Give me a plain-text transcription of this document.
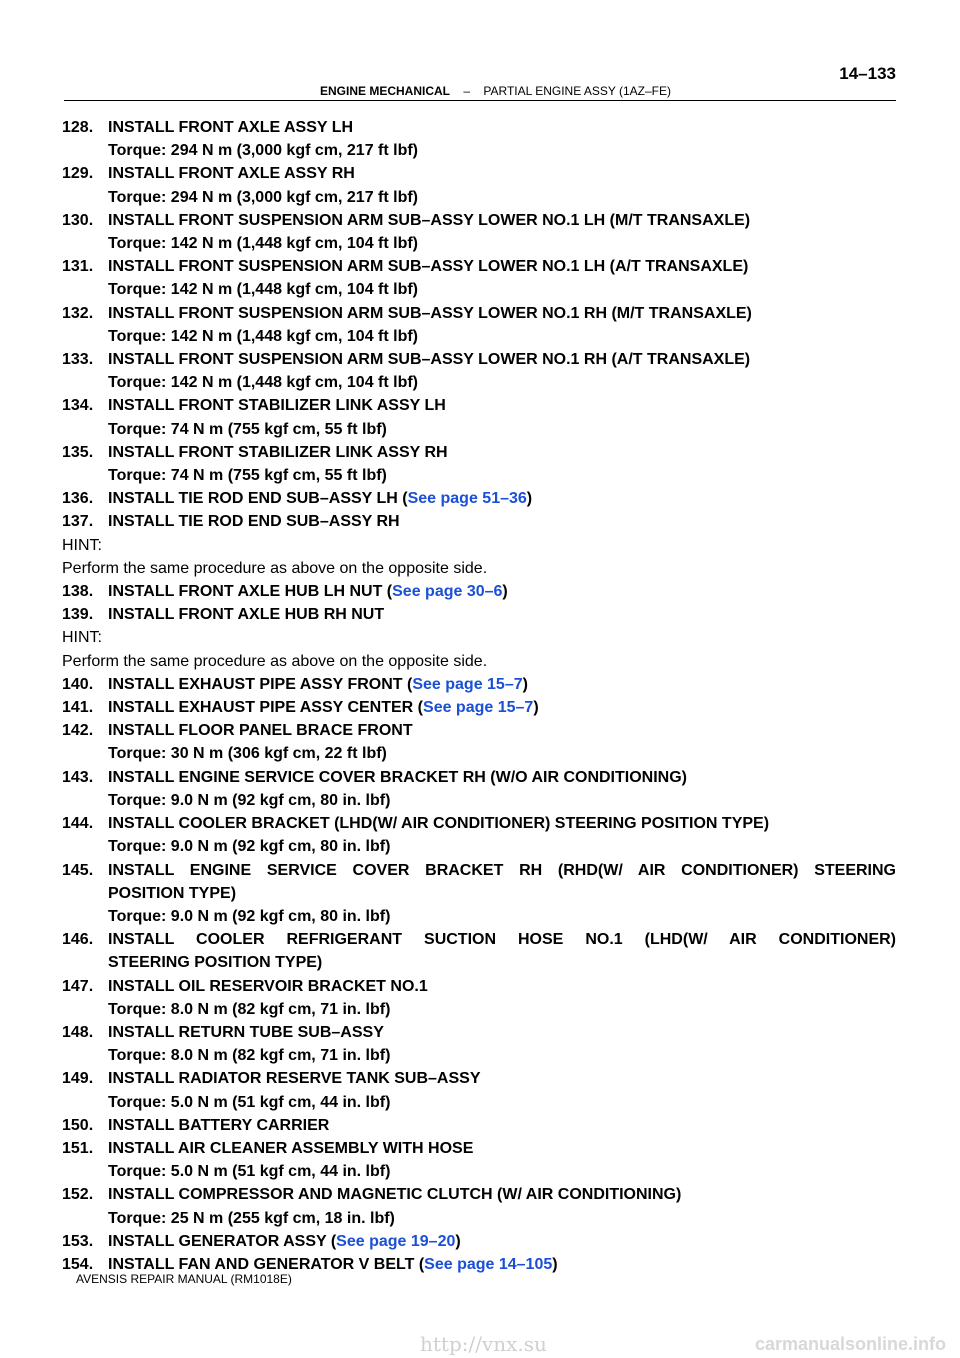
14–133
ENGINE MECHANICAL – PARTIAL ENGINE ASSY (1AZ–FE)
128. INSTALL FRONT AXLE ASSY LH
Torque: 294 N m (3,000 kgf cm, 217 ft lbf)
129. INSTALL FRONT AXLE ASSY RH
Torque: 294 N m (3,000 kgf cm, 217 ft lbf)
130. INSTALL FRONT SUSPENSION ARM SUB–ASSY LOWER NO.1 LH (M/T TRANSAXLE)
Torque: 142 N m (1,448 kgf cm, 104 ft lbf)
131. INSTALL FRONT SUSPENSION ARM SUB–ASSY LOWER NO.1 LH (A/T TRANSAXLE)
Torque: 142 N m (1,448 kgf cm, 104 ft lbf)
132. INSTALL FRONT SUSPENSION ARM SUB–ASSY LOWER NO.1 RH (M/T TRANSAXLE)
Torque: 142 N m (1,448 kgf cm, 104 ft lbf)
133. INSTALL FRONT SUSPENSION ARM SUB–ASSY LOWER NO.1 RH (A/T TRANSAXLE)
Torque: 142 N m (1,448 kgf cm, 104 ft lbf)
134. INSTALL FRONT STABILIZER LINK ASSY LH
Torque: 74 N m (755 kgf cm, 55 ft lbf)
135. INSTALL FRONT STABILIZER LINK ASSY RH
Torque: 74 N m (755 kgf cm, 55 ft lbf)
136. INSTALL TIE ROD END SUB–ASSY LH (See page 51–36)
137. INSTALL TIE ROD END SUB–ASSY RH
HINT:
Perform the same procedure as above on the opposite side.
138. INSTALL FRONT AXLE HUB LH NUT (See page 30–6)
139. INSTALL FRONT AXLE HUB RH NUT
HINT:
Perform the same procedure as above on the opposite side.
140. INSTALL EXHAUST PIPE ASSY FRONT (See page 15–7)
141. INSTALL EXHAUST PIPE ASSY CENTER (See page 15–7)
142. INSTALL FLOOR PANEL BRACE FRONT
Torque: 30 N m (306 kgf cm, 22 ft lbf)
143. INSTALL ENGINE SERVICE COVER BRACKET RH (W/O AIR CONDITIONING)
Torque: 9.0 N m (92 kgf cm, 80 in. lbf)
144. INSTALL COOLER BRACKET (LHD(W/ AIR CONDITIONER) STEERING POSITION TYPE)
Torque: 9.0 N m (92 kgf cm, 80 in. lbf)
145. INSTALL ENGINE SERVICE COVER BRACKET RH (RHD(W/ AIR CONDITIONER) STEERING
POSITION TYPE)
Torque: 9.0 N m (92 kgf cm, 80 in. lbf)
146. INSTALL COOLER REFRIGERANT SUCTION HOSE NO.1 (LHD(W/ AIR CONDITIONER)
STEERING POSITION TYPE)
147. INSTALL OIL RESERVOIR BRACKET NO.1
Torque: 8.0 N m (82 kgf cm, 71 in. lbf)
148. INSTALL RETURN TUBE SUB–ASSY
Torque: 8.0 N m (82 kgf cm, 71 in. lbf)
149. INSTALL RADIATOR RESERVE TANK SUB–ASSY
Torque: 5.0 N m (51 kgf cm, 44 in. lbf)
150. INSTALL BATTERY CARRIER
151. INSTALL AIR CLEANER ASSEMBLY WITH HOSE
Torque: 5.0 N m (51 kgf cm, 44 in. lbf)
152. INSTALL COMPRESSOR AND MAGNETIC CLUTCH (W/ AIR CONDITIONING)
Torque: 25 N m (255 kgf cm, 18 in. lbf)
153. INSTALL GENERATOR ASSY (See page 19–20)
154. INSTALL FAN AND GENERATOR V BELT (See page 14–105)
AVENSIS REPAIR MANUAL (RM1018E)
http://vnx.su	carmanualsonline.info
